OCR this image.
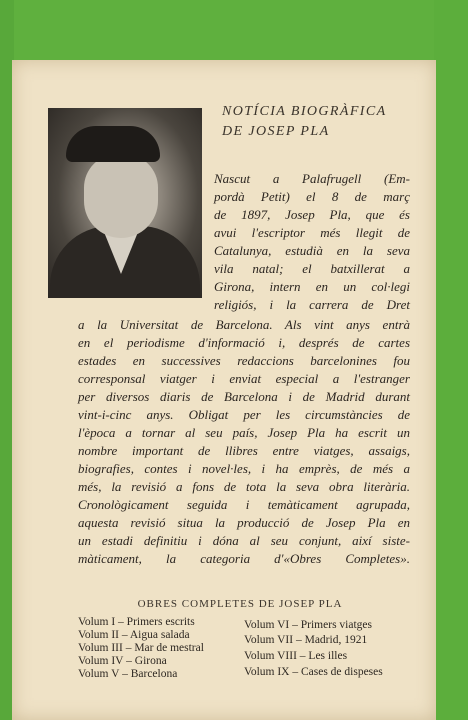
NOTÍCIA BIOGRÀFICA

DE JOSEP PLA

Nascut a Palafrugell (Em-

pordà Petit) el 8 de març

de 1897, Josep Pla, que és

avui l'escriptor més llegit de

Catalunya, estudià en la seva

vila natal; el batxillerat a

Girona, intern en un col·legi

religiós, i la carrera de Dret

a la Universitat de Barcelona. Als vint anys entrà

en el periodisme d'informació i, després de cartes

estades en successives redaccions barcelonines fou

corresponsal viatger i enviat especial a l'estranger

per diversos diaris de Barcelona i de Madrid durant

vint-i-cinc anys. Obligat per les circumstàncies de

l'època a tornar al seu país, Josep Pla ha escrit un

nombre important de llibres entre viatges, assaigs,

biografies, contes i novel·les, i ha emprès, de més a

més, la revisió a fons de tota la seva obra literària.

Cronològicament seguida i temàticament agrupada,

aquesta revisió situa la producció de Josep Pla en

un estadi definitiu i dóna al seu conjunt, així siste-

màticament, la categoria d'«Obres Completes».

OBRES COMPLETES DE JOSEP PLA

Volum I – Primers escrits

Volum II – Aigua salada

Volum III – Mar de mestral

Volum IV – Girona

Volum V – Barcelona

Volum VI – Primers viatges

Volum VII – Madrid, 1921

Volum VIII – Les illes

Volum IX – Cases de dispeses
